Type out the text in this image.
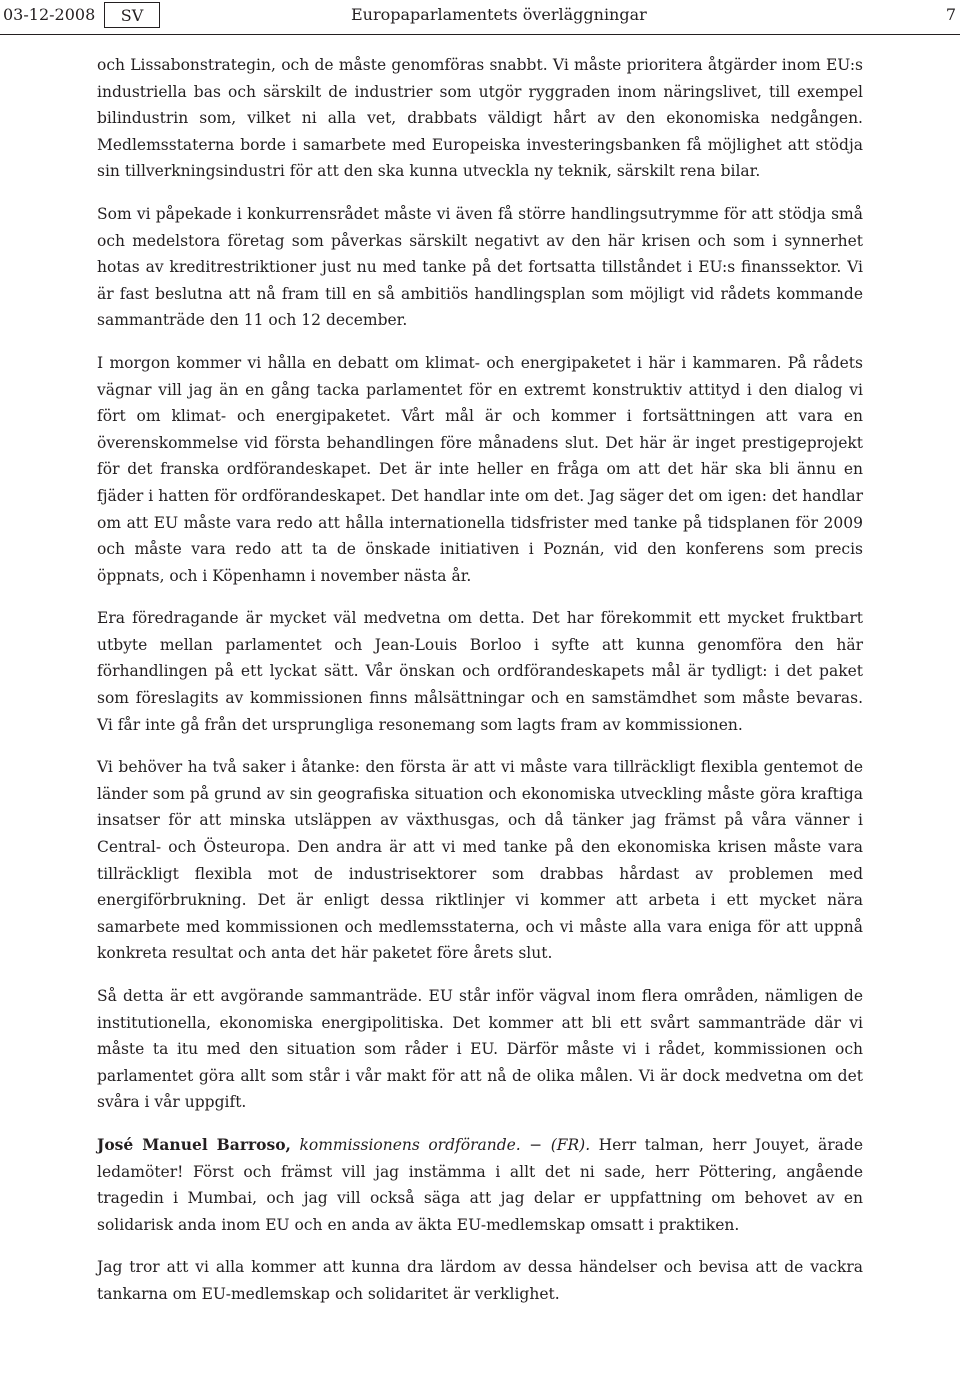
03-12-2008	SV	Europaparlamentets överläggningar	7

och Lissabonstrategin, och de måste genomföras snabbt. Vi måste prioritera åtgärder inom EU:s industriella bas och särskilt de industrier som utgör ryggraden inom näringslivet, till exempel bilindustrin som, vilket ni alla vet, drabbats väldigt hårt av den ekonomiska nedgången. Medlemsstaterna borde i samarbete med Europeiska investeringsbanken få möjlighet att stödja sin tillverkningsindustri för att den ska kunna utveckla ny teknik, särskilt rena bilar.

Som vi påpekade i konkurrensrådet måste vi även få större handlingsutrymme för att stödja små och medelstora företag som påverkas särskilt negativt av den här krisen och som i synnerhet hotas av kreditrestriktioner just nu med tanke på det fortsatta tillståndet i EU:s finanssektor. Vi är fast beslutna att nå fram till en så ambitiös handlingsplan som möjligt vid rådets kommande sammanträde den 11 och 12 december.

I morgon kommer vi hålla en debatt om klimat- och energipaketet i här i kammaren. På rådets vägnar vill jag än en gång tacka parlamentet för en extremt konstruktiv attityd i den dialog vi fört om klimat- och energipaketet. Vårt mål är och kommer i fortsättningen att vara en överenskommelse vid första behandlingen före månadens slut. Det här är inget prestigeprojekt för det franska ordförandeskapet. Det är inte heller en fråga om att det här ska bli ännu en fjäder i hatten för ordförandeskapet. Det handlar inte om det. Jag säger det om igen: det handlar om att EU måste vara redo att hålla internationella tidsfrister med tanke på tidsplanen för 2009 och måste vara redo att ta de önskade initiativen i Poznán, vid den konferens som precis öppnats, och i Köpenhamn i november nästa år.

Era föredragande är mycket väl medvetna om detta. Det har förekommit ett mycket fruktbart utbyte mellan parlamentet och Jean-Louis Borloo i syfte att kunna genomföra den här förhandlingen på ett lyckat sätt. Vår önskan och ordförandeskapets mål är tydligt: i det paket som föreslagits av kommissionen finns målsättningar och en samstämdhet som måste bevaras. Vi får inte gå från det ursprungliga resonemang som lagts fram av kommissionen.

Vi behöver ha två saker i åtanke: den första är att vi måste vara tillräckligt flexibla gentemot de länder som på grund av sin geografiska situation och ekonomiska utveckling måste göra kraftiga insatser för att minska utsläppen av växthusgas, och då tänker jag främst på våra vänner i Central- och Östeuropa. Den andra är att vi med tanke på den ekonomiska krisen måste vara tillräckligt flexibla mot de industrisektorer som drabbas hårdast av problemen med energiförbrukning. Det är enligt dessa riktlinjer vi kommer att arbeta i ett mycket nära samarbete med kommissionen och medlemsstaterna, och vi måste alla vara eniga för att uppnå konkreta resultat och anta det här paketet före årets slut.

Så detta är ett avgörande sammanträde. EU står inför vägval inom flera områden, nämligen de institutionella, ekonomiska energipolitiska. Det kommer att bli ett svårt sammanträde där vi måste ta itu med den situation som råder i EU. Därför måste vi i rådet, kommissionen och parlamentet göra allt som står i vår makt för att nå de olika målen. Vi är dock medvetna om det svåra i vår uppgift.

José Manuel Barroso, kommissionens ordförande. − (FR). Herr talman, herr Jouyet, ärade ledamöter! Först och främst vill jag instämma i allt det ni sade, herr Pöttering, angående tragedin i Mumbai, och jag vill också säga att jag delar er uppfattning om behovet av en solidarisk anda inom EU och en anda av äkta EU-medlemskap omsatt i praktiken.

Jag tror att vi alla kommer att kunna dra lärdom av dessa händelser och bevisa att de vackra tankarna om EU-medlemskap och solidaritet är verklighet.
